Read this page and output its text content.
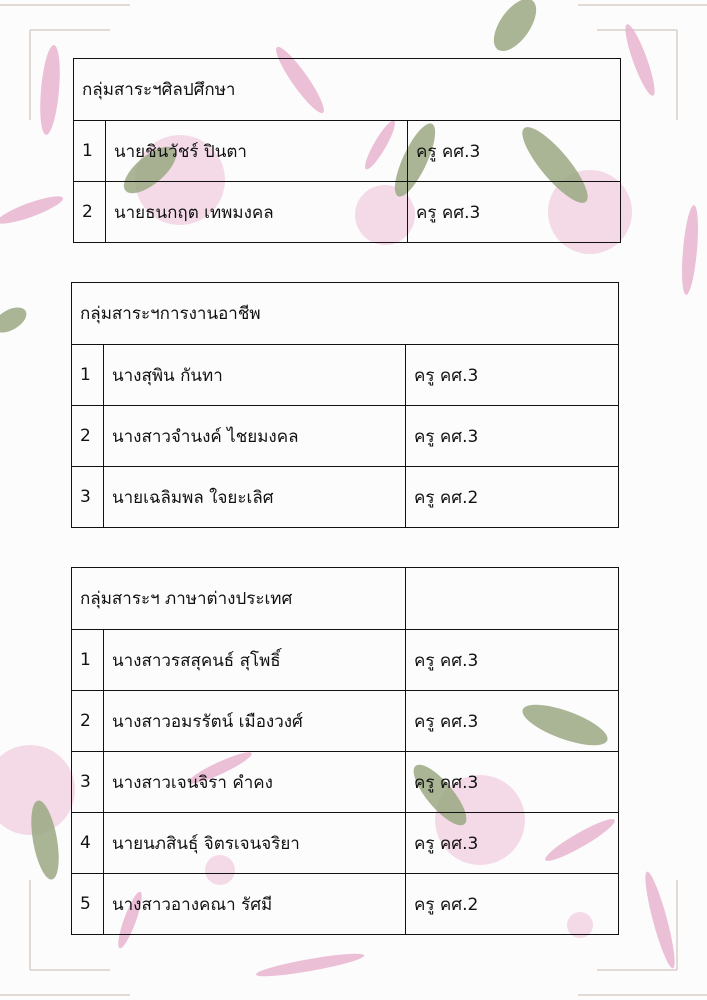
กลุ่มสาระฯศิลปศึกษา		
1	นายชินวัชร์ ปินตา	ครู คศ.3
2	นายธนกฤต เทพมงคล	ครู คศ.3
กลุ่มสาระฯการงานอาชีพ		
1	นางสุพิน กันทา	ครู คศ.3
2	นางสาวจำนงค์ ไชยมงคล	ครู คศ.3
3	นายเฉลิมพล ใจยะเลิศ	ครู คศ.2
กลุ่มสาระฯ ภาษาต่างประเทศ		
1	นางสาวรสสุคนธ์ สุโพธิ์	ครู คศ.3
2	นางสาวอมรรัตน์ เมืองวงศ์	ครู คศ.3
3	นางสาวเจนจิรา คำคง	ครู คศ.3
4	นายนภสินธุ์ จิตรเจนจริยา	ครู คศ.3
5	นางสาวอางคณา รัศมี	ครู คศ.2
